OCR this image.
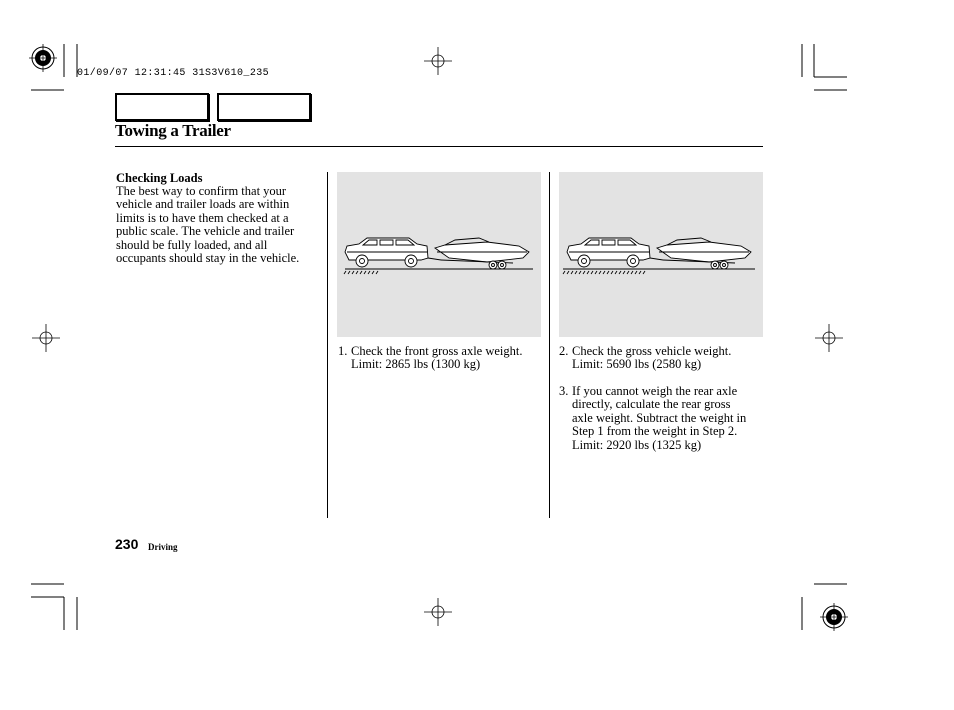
01/09/07 12:31:45 31S3V610_235
Towing a Trailer
Checking Loads
The best way to confirm that your
vehicle and trailer loads are within
limits is to have them checked at a
public scale. The vehicle and trailer
should be fully loaded, and all
occupants should stay in the vehicle.
1. Check the front gross axle weight.
Limit: 2865 lbs (1300 kg)
2. Check the gross vehicle weight.
Limit: 5690 lbs (2580 kg)
3. If you cannot weigh the rear axle
directly, calculate the rear gross
axle weight. Subtract the weight in
Step 1 from the weight in Step 2.
Limit: 2920 lbs (1325 kg)
230 Driving
